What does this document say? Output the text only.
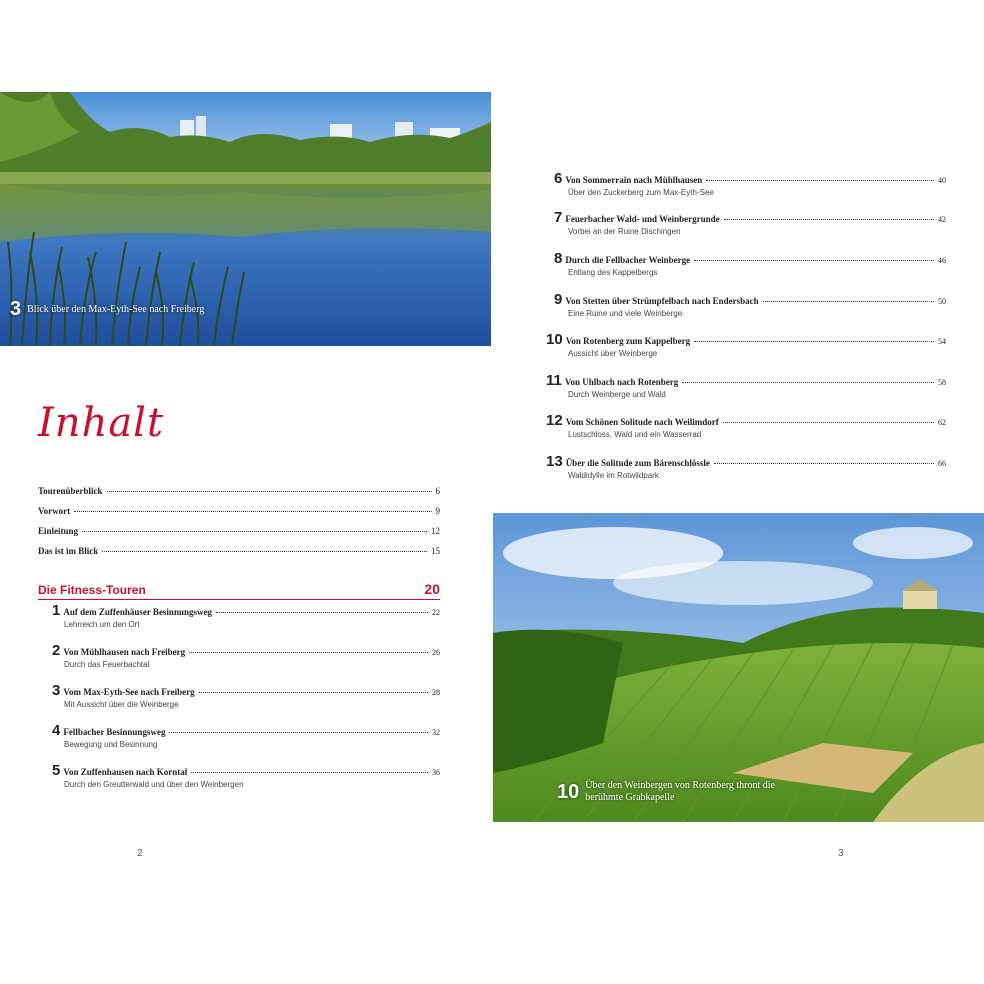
3 Blick über den Max-Eyth-See nach Freiberg
Inhalt
Tourenüberblick	6
Vorwort	9
Einleitung	12
Das ist im Blick	15
Die Fitness-Touren	20
1 Auf dem Zuffenhäuser Besinnungsweg	22
Lehrreich um den Ort
2 Von Mühlhausen nach Freiberg	26
Durch das Feuerbachtal
3 Vom Max-Eyth-See nach Freiberg	28
Mit Aussicht über die Weinberge
4 Fellbacher Besinnungsweg	32
Bewegung und Besinnung
5 Von Zuffenhausen nach Korntal	36
Durch den Greutterwald und über den Weinbergen
6 Von Sommerrain nach Mühlhausen	40
Über den Zuckerberg zum Max-Eyth-See
7 Feuerbacher Wald- und Weinbergrunde	42
Vorbei an der Ruine Dischingen
8 Durch die Fellbacher Weinberge	46
Entlang des Kappelbergs
9 Von Stetten über Strümpfelbach nach Endersbach	50
Eine Ruine und viele Weinberge
10 Von Rotenberg zum Kappelberg	54
Aussicht über Weinberge
11 Von Uhlbach nach Rotenberg	58
Durch Weinberge und Wald
12 Vom Schönen Solitude nach Weilimdorf	62
Lustschloss, Wald und ein Wasserrad
13 Über die Solitude zum Bärenschlössle	66
Waldidylle im Rotwildpark
10 Über den Weinbergen von Rotenberg thront die
berühmte Grabkapelle
2	3
